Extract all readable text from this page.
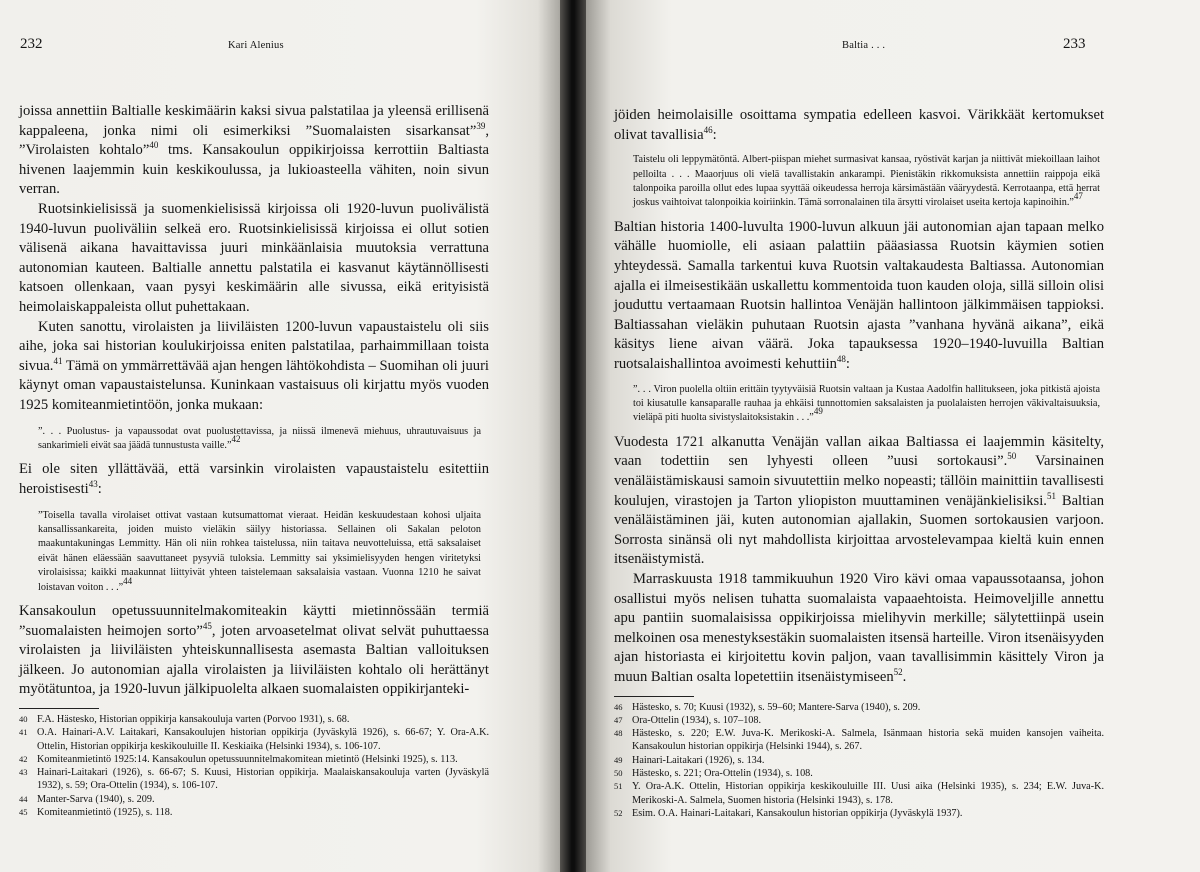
232	Kari Alenius

joissa annettiin Baltialle keskimäärin kaksi sivua palstatilaa ja yleensä erillisenä kappaleena, jonka nimi oli esimerkiksi ”Suomalaisten sisarkansat”$^{39}$, ”Virolaisten kohtalo”$^{40}$ tms. Kansakoulun oppikirjoissa kerrottiin Baltiasta hivenen laajemmin kuin keskikoulussa, ja lukioasteella vähiten, noin sivun verran.

Ruotsinkielisissä ja suomenkielisissä kirjoissa oli 1920-luvun puolivälistä 1940-luvun puoliväliin selkeä ero. Ruotsinkielisissä kirjoissa ei ollut sotien välisenä aikana havaittavissa juuri minkäänlaisia muutoksia verrattuna autonomian kauteen. Baltialle annettu palstatila ei kasvanut käytännöllisesti katsoen ollenkaan, vaan pysyi keskimäärin alle sivussa, eikä erityisistä heimolaiskappaleista ollut puhettakaan.

Kuten sanottu, virolaisten ja liiviläisten 1200-luvun vapaustaistelu oli siis aihe, joka sai historian koulukirjoissa eniten palstatilaa, parhaimmillaan toista sivua.$^{41}$ Tämä on ymmärrettävää ajan hengen lähtökohdista – Suomihan oli juuri käynyt oman vapaustaistelunsa. Kuninkaan vastaisuus oli kirjattu myös vuoden 1925 komiteanmietintöön, jonka mukaan:

”. . . Puolustus- ja vapaussodat ovat puolustettavissa, ja niissä ilmenevä miehuus, uhrautuvaisuus ja sankarimieli eivät saa jäädä tunnustusta vaille.”$^{42}$

Ei ole siten yllättävää, että varsinkin virolaisten vapaustaistelu esitettiin heroistisesti$^{43}$:

”Toisella tavalla virolaiset ottivat vastaan kutsumattomat vieraat. Heidän keskuudestaan kohosi uljaita kansallissankareita, joiden muisto vieläkin säilyy historiassa. Sellainen oli Sakalan peloton maakuntakuningas Lemmitty. Hän oli niin rohkea taistelussa, niin taitava neuvotteluissa, että saksalaiset eivät hänen eläessään saavuttaneet pysyviä tuloksia. Lemmitty sai yksimielisyyden hengen viritetyksi virolaisissa; kaikki maakunnat liittyivät yhteen taistelemaan saksalaisia vastaan. Vuonna 1210 he saivat loistavan voiton . . .”$^{44}$

Kansakoulun opetussuunnitelmakomiteakin käytti mietinnössään termiä ”suomalaisten heimojen sorto”$^{45}$, joten arvoasetelmat olivat selvät puhuttaessa virolaisten ja liiviläisten yhteiskunnallisesta asemasta Baltian valloituksen jälkeen. Jo autonomian ajalla virolaisten ja liiviläisten kohtalo oli herättänyt myötätuntoa, ja 1920-luvun jälkipuolelta alkaen suomalaisten oppikirjanteki-

40 F.A. Hästesko, Historian oppikirja kansakouluja varten (Porvoo 1931), s. 68.
41 O.A. Hainari-A.V. Laitakari, Kansakoulujen historian oppikirja (Jyväskylä 1926), s. 66-67; Y. Ora-A.K. Ottelin, Historian oppikirja keskikouluille II. Keskiaika (Helsinki 1934), s. 106-107.
42 Komiteanmietintö 1925:14. Kansakoulun opetussuunnitelmakomitean mietintö (Helsinki 1925), s. 113.
43 Hainari-Laitakari (1926), s. 66-67; S. Kuusi, Historian oppikirja. Maalaiskansakouluja varten (Jyväskylä 1932), s. 59; Ora-Ottelin (1934), s. 106-107.
44 Manter-Sarva (1940), s. 209.
45 Komiteanmietintö (1925), s. 118.
Baltia . . .	233

jöiden heimolaisille osoittama sympatia edelleen kasvoi. Värikkäät kertomukset olivat tavallisia$^{46}$:

Taistelu oli leppymätöntä. Albert-piispan miehet surmasivat kansaa, ryöstivät karjan ja niittivät miekoillaan laihot pelloilta . . . Maaorjuus oli vielä tavallistakin ankarampi. Pienistäkin rikkomuksista annettiin raippoja eikä talonpoika paroilla ollut edes lupaa syyttää oikeudessa herroja kärsimästään vääryydestä. Kerrotaanpa, että herrat joskus vaihtoivat talonpoikia koiriinkin. Tämä sorronalainen tila ärsytti virolaiset useita kertoja kapinoihin.”$^{47}$

Baltian historia 1400-luvulta 1900-luvun alkuun jäi autonomian ajan tapaan melko vähälle huomiolle, eli asiaan palattiin pääasiassa Ruotsin käymien sotien yhteydessä. Samalla tarkentui kuva Ruotsin valtakaudesta Baltiassa. Autonomian ajalla ei ilmeisestikään uskallettu kommentoida tuon kauden oloja, sillä silloin olisi jouduttu vertaamaan Ruotsin hallintoa Venäjän hallintoon jälkimmäisen tappioksi. Baltiassahan vieläkin puhutaan Ruotsin ajasta ”vanhana hyvänä aikana”, eikä käsitys liene aivan väärä. Joka tapauksessa 1920–1940-luvuilla Baltian ruotsalaishallintoa avoimesti kehuttiin$^{48}$:

”. . . Viron puolella oltiin erittäin tyytyväisiä Ruotsin valtaan ja Kustaa Aadolfin hallitukseen, joka pitkistä ajoista toi kiusatulle kansaparalle rauhaa ja ehkäisi tunnottomien saksalaisten ja puolalaisten herrojen väkivaltaisuuksia, vieläpä piti huolta sivistyslaitoksistakin . . .”$^{49}$

Vuodesta 1721 alkanutta Venäjän vallan aikaa Baltiassa ei laajemmin käsitelty, vaan todettiin sen lyhyesti olleen ”uusi sortokausi”.$^{50}$ Varsinainen venäläistämiskausi samoin sivuutettiin melko nopeasti; tällöin mainittiin tavallisesti koulujen, virastojen ja Tarton yliopiston muuttaminen venäjänkielisiksi.$^{51}$ Baltian venäläistäminen jäi, kuten autonomian ajallakin, Suomen sortokausien varjoon. Sorrosta sinänsä oli nyt mahdollista kirjoittaa arvostelevampaa kieltä kuin ennen itsenäistymistä.

Marraskuusta 1918 tammikuuhun 1920 Viro kävi omaa vapaussotaansa, johon osallistui myös nelisen tuhatta suomalaista vapaaehtoista. Heimoveljille annettu apu pantiin suomalaisissa oppikirjoissa mielihyvin merkille; sälytettiinpä usein melkoinen osa menestyksestäkin suomalaisten itsensä harteille. Viron itsenäisyyden ajan historiasta ei kirjoitettu kovin paljon, vaan tavallisimmin käsittely Viron ja muun Baltian osalta lopetettiin itsenäistymiseen$^{52}$.

46 Hästesko, s. 70; Kuusi (1932), s. 59–60; Mantere-Sarva (1940), s. 209.
47 Ora-Ottelin (1934), s. 107–108.
48 Hästesko, s. 220; E.W. Juva-K. Merikoski-A. Salmela, Isänmaan historia sekä muiden kansojen vaiheita. Kansakoulun historian oppikirja (Helsinki 1944), s. 267.
49 Hainari-Laitakari (1926), s. 134.
50 Hästesko, s. 221; Ora-Ottelin (1934), s. 108.
51 Y. Ora-A.K. Ottelin, Historian oppikirja keskikouluille III. Uusi aika (Helsinki 1935), s. 234; E.W. Juva-K. Merikoski-A. Salmela, Suomen historia (Helsinki 1943), s. 178.
52 Esim. O.A. Hainari-Laitakari, Kansakoulun historian oppikirja (Jyväskylä 1937).
